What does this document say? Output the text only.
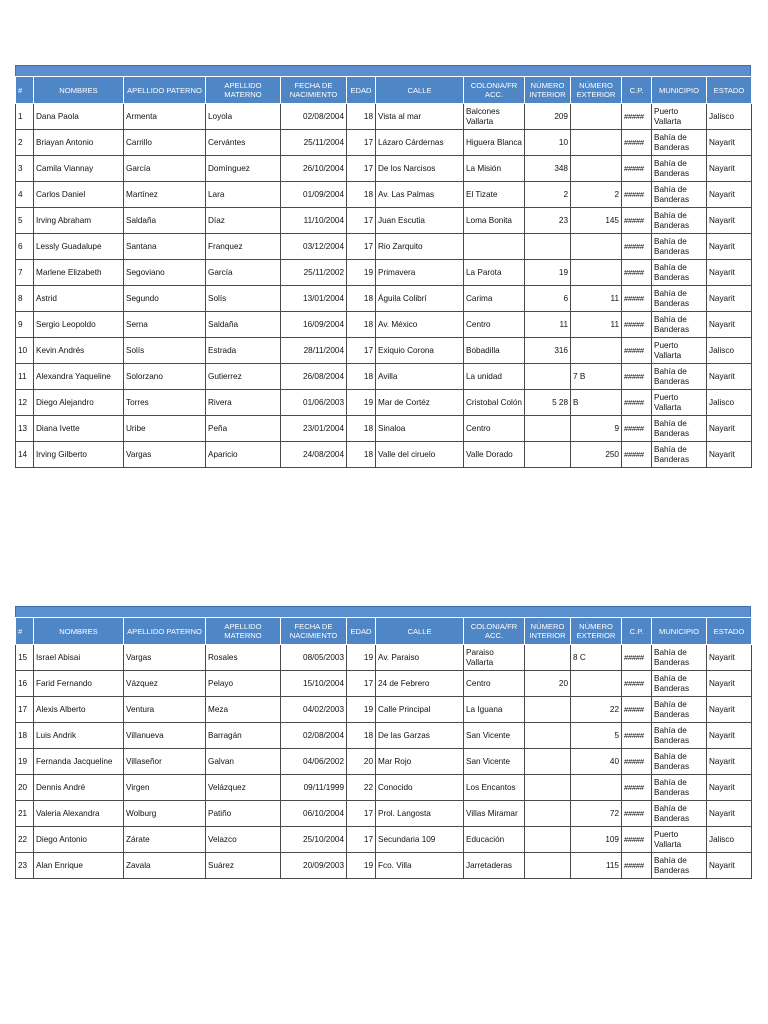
#	NOMBRES	APELLIDO PATERNO	APELLIDO MATERNO	FECHA DE NACIMIENTO	EDAD	CALLE	COLONIA/FR ACC.	NÚMERO INTERIOR	NÚMERO EXTERIOR	C.P.	MUNICIPIO	ESTADO
1	Dana Paola	Armenta	Loyola	02/08/2004	18	Vista al mar	Balcones Vallarta	209		#####	Puerto Vallarta	Jalisco
2	Briayan Antonio	Carrillo	Cervántes	25/11/2004	17	Lázaro Cárdernas	Higuera Blanca	10		#####	Bahía de Banderas	Nayarit
3	Camila Viannay	García	Domínguez	26/10/2004	17	De los Narcisos	La Misión	348		#####	Bahía de Banderas	Nayarit
4	Carlos Daniel	Martínez	Lara	01/09/2004	18	Av. Las Palmas	El Tizate	2	2	#####	Bahía de Banderas	Nayarit
5	Irving Abraham	Saldaña	Díaz	11/10/2004	17	Juan Escutia	Loma Bonita	23	145	#####	Bahía de Banderas	Nayarit
6	Lessly Guadalupe	Santana	Franquez	03/12/2004	17	Rio Zarquito				#####	Bahía de Banderas	Nayarit
7	Marlene Elizabeth	Segoviano	García	25/11/2002	19	Primavera	La Parota	19		#####	Bahía de Banderas	Nayarit
8	Astrid	Segundo	Solís	13/01/2004	18	Águila Colibrí	Carima	6	11	#####	Bahía de Banderas	Nayarit
9	Sergio Leopoldo	Serna	Saldaña	16/09/2004	18	Av. México	Centro	11	11	#####	Bahía de Banderas	Nayarit
10	Kevin Andrés	Solís	Estrada	28/11/2004	17	Exiquio Corona	Bobadilla	316		#####	Puerto Vallarta	Jalisco
11	Alexandra Yaqueline	Solorzano	Gutierrez	26/08/2004	18	Avilla	La unidad		7 B	#####	Bahía de Banderas	Nayarit
12	Diego Alejandro	Torres	Rivera	01/06/2003	19	Mar de Cortéz	Cristobal Colón	5 28	B	#####	Puerto Vallarta	Jalisco
13	Diana Ivette	Uribe	Peña	23/01/2004	18	Sinaloa	Centro		9	#####	Bahía de Banderas	Nayarit
14	Irving Gilberto	Vargas	Aparicio	24/08/2004	18	Valle del ciruelo	Valle Dorado		250	#####	Bahía de Banderas	Nayarit
#	NOMBRES	APELLIDO PATERNO	APELLIDO MATERNO	FECHA DE NACIMIENTO	EDAD	CALLE	COLONIA/FR ACC.	NÚMERO INTERIOR	NÚMERO EXTERIOR	C.P.	MUNICIPIO	ESTADO
15	Israel Abisai	Vargas	Rosales	08/05/2003	19	Av. Paraiso	Paraiso Vallarta		8 C	#####	Bahía de Banderas	Nayarit
16	Farid Fernando	Vázquez	Pelayo	15/10/2004	17	24 de Febrero	Centro	20		#####	Bahía de Banderas	Nayarit
17	Alexis Alberto	Ventura	Meza	04/02/2003	19	Calle Principal	La Iguana		22	#####	Bahía de Banderas	Nayarit
18	Luis Andrik	Villanueva	Barragán	02/08/2004	18	De las Garzas	San Vicente		5	#####	Bahía de Banderas	Nayarit
19	Fernanda Jacqueline	Villaseñor	Galvan	04/06/2002	20	Mar Rojo	San Vicente		40	#####	Bahía de Banderas	Nayarit
20	Dennis André	Virgen	Velázquez	09/11/1999	22	Conocido	Los Encantos			#####	Bahía de Banderas	Nayarit
21	Valeria Alexandra	Wolburg	Patiño	06/10/2004	17	Prol. Langosta	Villas Miramar		72	#####	Bahía de Banderas	Nayarit
22	Diego Antonio	Zárate	Velazco	25/10/2004	17	Secundaria 109	Educación		109	#####	Puerto Vallarta	Jalisco
23	Alan Enrique	Zavala	Suárez	20/09/2003	19	Fco. Villa	Jarretaderas		115	#####	Bahía de Banderas	Nayarit
